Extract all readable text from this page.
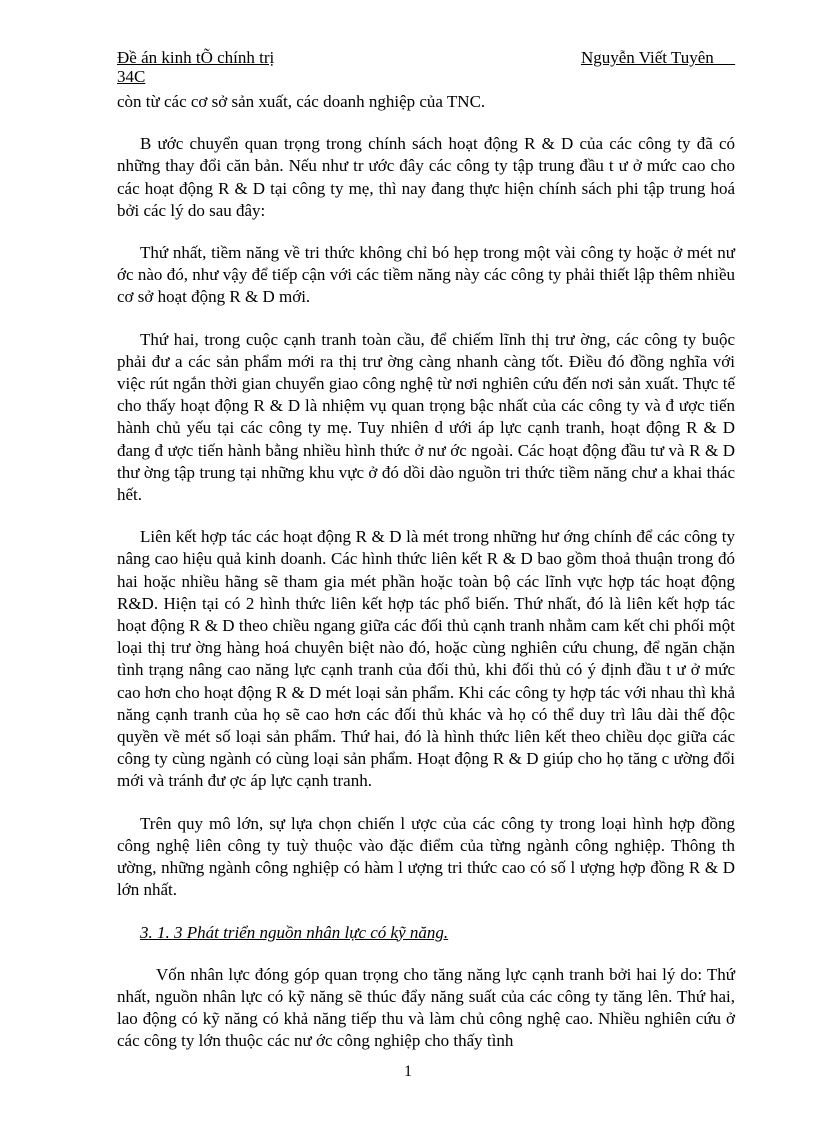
Đề án kinh tÕ chính trị	Nguyễn Viết Tuyên __
34C

còn từ các cơ sở sản xuất, các doanh nghiệp của TNC.

B ước chuyển quan trọng trong chính sách hoạt động R & D của các công ty đã có những thay đổi căn bản. Nếu như tr ước đây các công ty tập trung đầu t ư ở mức cao cho các hoạt động R & D tại công ty mẹ, thì nay đang thực hiện chính sách phi tập trung hoá bởi các lý do sau đây:

Thứ nhất, tiềm năng về tri thức không chỉ bó hẹp trong một vài công ty hoặc ở mét nư ớc nào đó, như vậy để tiếp cận với các tiềm năng này các công ty phải thiết lập thêm nhiều cơ sở hoạt động R & D mới.

Thứ hai, trong cuộc cạnh tranh toàn cầu, để chiếm lĩnh thị trư ờng, các công ty buộc phải đư a các sản phẩm mới ra thị trư ờng càng nhanh càng tốt. Điều đó đồng nghĩa với việc rút ngắn thời gian chuyển giao công nghệ từ nơi nghiên cứu đến nơi sản xuất. Thực tế cho thấy hoạt động R & D là nhiệm vụ quan trọng bậc nhất của các công ty và đ ược tiến hành chủ yếu tại các công ty mẹ. Tuy nhiên d ưới áp lực cạnh tranh, hoạt động R & D đang đ ược tiến hành bằng nhiều hình thức ở nư ớc ngoài. Các hoạt động đầu tư và R & D thư ờng tập trung tại những khu vực ở đó dồi dào nguồn tri thức tiềm năng chư a khai thác hết.

Liên kết hợp tác các hoạt động R & D là mét trong những hư ớng chính để các công ty nâng cao hiệu quả kinh doanh. Các hình thức liên kết R & D bao gồm thoả thuận trong đó hai hoặc nhiều hãng sẽ tham gia mét phần hoặc toàn bộ các lĩnh vực hợp tác hoạt động R&D. Hiện tại có 2 hình thức liên kết hợp tác phổ biến. Thứ nhất, đó là liên kết hợp tác hoạt động R & D theo chiều ngang giữa các đối thủ cạnh tranh nhằm cam kết chi phối một loại thị trư ờng hàng hoá chuyên biệt nào đó, hoặc cùng nghiên cứu chung, để ngăn chặn tình trạng nâng cao năng lực cạnh tranh của đối thủ, khi đối thủ có ý định đầu t ư ở mức cao hơn cho hoạt động R & D mét loại sản phẩm. Khi các công ty hợp tác với nhau thì khả năng cạnh tranh của họ sẽ cao hơn các đối thủ khác và họ có thể duy trì lâu dài thế độc quyền về mét số loại sản phẩm. Thứ hai, đó là hình thức liên kết theo chiều dọc giữa các công ty cùng ngành có cùng loại sản phẩm. Hoạt động R & D giúp cho họ tăng c ường đổi mới và tránh đư ợc áp lực cạnh tranh.

Trên quy mô lớn, sự lựa chọn chiến l ược của các công ty trong loại hình hợp đồng công nghệ liên công ty tuỳ thuộc vào đặc điểm của từng ngành công nghiệp. Thông th ường, những ngành công nghiệp có hàm l ượng tri thức cao có số l ượng hợp đồng R & D lớn nhất.

3. 1. 3 Phát triển nguồn nhân lực có kỹ năng.

Vốn nhân lực đóng góp quan trọng cho tăng năng lực cạnh tranh bởi hai lý do: Thứ nhất, nguồn nhân lực có kỹ năng sẽ thúc đẩy năng suất của các công ty tăng lên. Thứ hai, lao động có kỹ năng có khả năng tiếp thu và làm chủ công nghệ cao. Nhiều nghiên cứu ở các công ty lớn thuộc các nư ớc công nghiệp cho thấy tình

1
